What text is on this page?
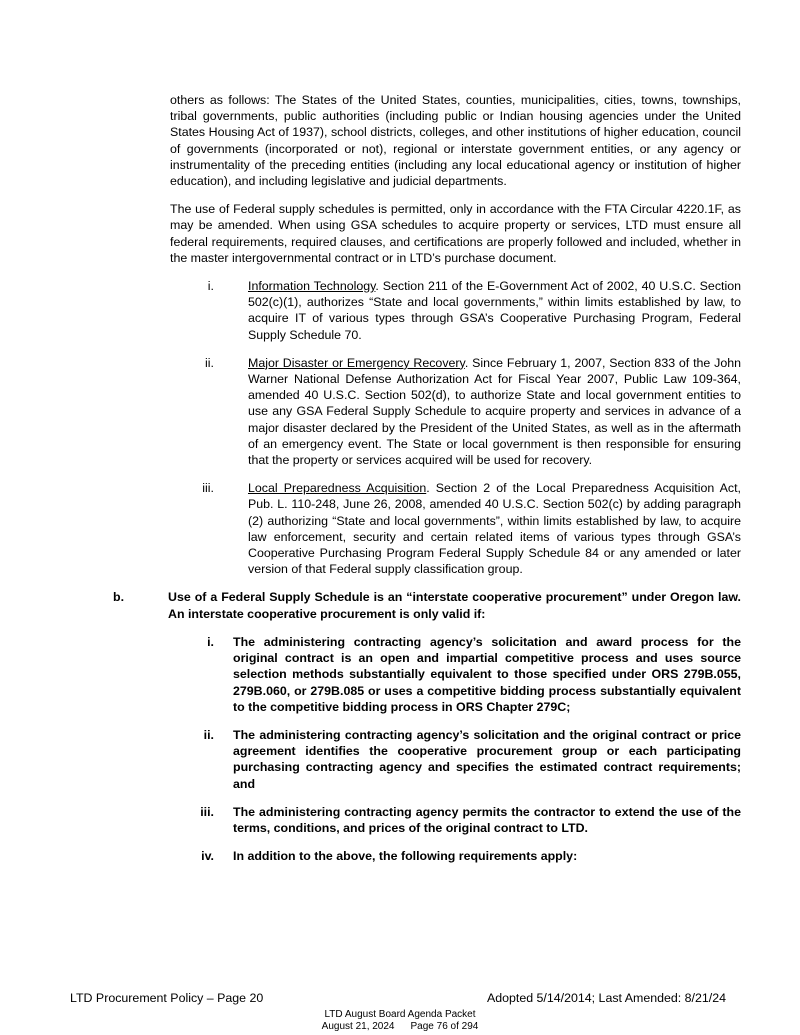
others as follows: The States of the United States, counties, municipalities, cities, towns, townships, tribal governments, public authorities (including public or Indian housing agencies under the United States Housing Act of 1937), school districts, colleges, and other institutions of higher education, council of governments (incorporated or not), regional or interstate government entities, or any agency or instrumentality of the preceding entities (including any local educational agency or institution of higher education), and including legislative and judicial departments.

The use of Federal supply schedules is permitted, only in accordance with the FTA Circular 4220.1F, as may be amended. When using GSA schedules to acquire property or services, LTD must ensure all federal requirements, required clauses, and certifications are properly followed and included, whether in the master intergovernmental contract or in LTD’s purchase document.

i.	Information Technology. Section 211 of the E-Government Act of 2002, 40 U.S.C. Section 502(c)(1), authorizes “State and local governments,” within limits established by law, to acquire IT of various types through GSA’s Cooperative Purchasing Program, Federal Supply Schedule 70.
ii.	Major Disaster or Emergency Recovery. Since February 1, 2007, Section 833 of the John Warner National Defense Authorization Act for Fiscal Year 2007, Public Law 109-364, amended 40 U.S.C. Section 502(d), to authorize State and local government entities to use any GSA Federal Supply Schedule to acquire property and services in advance of a major disaster declared by the President of the United States, as well as in the aftermath of an emergency event. The State or local government is then responsible for ensuring that the property or services acquired will be used for recovery.
iii.	Local Preparedness Acquisition. Section 2 of the Local Preparedness Acquisition Act, Pub. L. 110-248, June 26, 2008, amended 40 U.S.C. Section 502(c) by adding paragraph (2) authorizing “State and local governments”, within limits established by law, to acquire law enforcement, security and certain related items of various types through GSA’s Cooperative Purchasing Program Federal Supply Schedule 84 or any amended or later version of that Federal supply classification group.
b.	Use of a Federal Supply Schedule is an “interstate cooperative procurement” under Oregon law. An interstate cooperative procurement is only valid if:
i. The administering contracting agency’s solicitation and award process for the original contract is an open and impartial competitive process and uses source selection methods substantially equivalent to those specified under ORS 279B.055, 279B.060, or 279B.085 or uses a competitive bidding process substantially equivalent to the competitive bidding process in ORS Chapter 279C;
ii. The administering contracting agency’s solicitation and the original contract or price agreement identifies the cooperative procurement group or each participating purchasing contracting agency and specifies the estimated contract requirements; and
iii. The administering contracting agency permits the contractor to extend the use of the terms, conditions, and prices of the original contract to LTD.
iv. In addition to the above, the following requirements apply:
LTD Procurement Policy – Page 20	Adopted 5/14/2014; Last Amended: 8/21/24
LTD August Board Agenda Packet
August 21, 2024 Page 76 of 294
